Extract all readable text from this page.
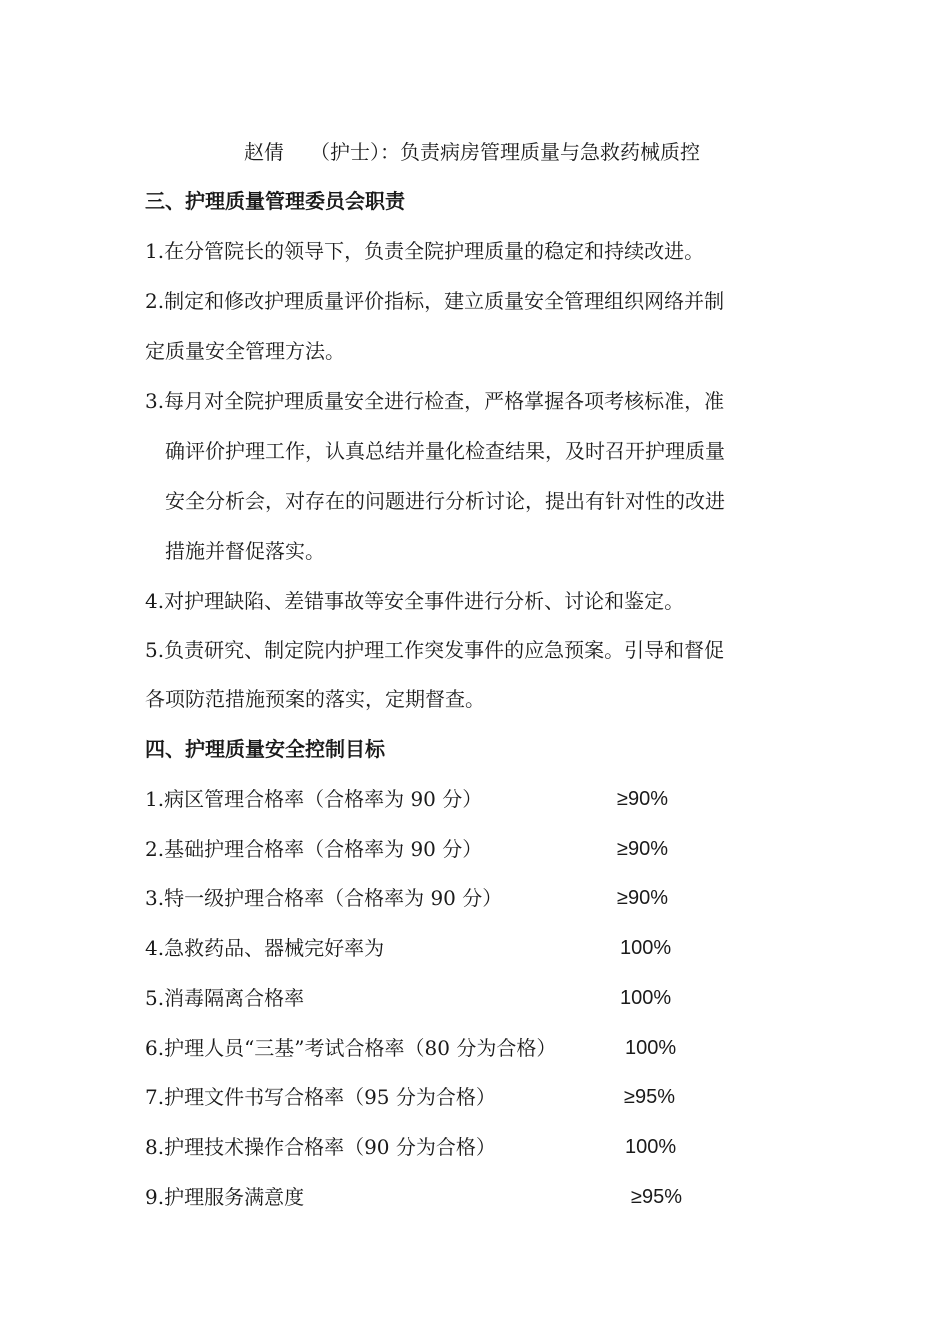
赵倩 （护士）：负责病房管理质量与急救药械质控
三、护理质量管理委员会职责
1.在分管院长的领导下，负责全院护理质量的稳定和持续改进。
2.制定和修改护理质量评价指标，建立质量安全管理组织网络并制
定质量安全管理方法。
3.每月对全院护理质量安全进行检查，严格掌握各项考核标准，准
确评价护理工作，认真总结并量化检查结果，及时召开护理质量
安全分析会，对存在的问题进行分析讨论，提出有针对性的改进
措施并督促落实。
4.对护理缺陷、差错事故等安全事件进行分析、讨论和鉴定。
5.负责研究、制定院内护理工作突发事件的应急预案。引导和督促
各项防范措施预案的落实，定期督查。
四、护理质量安全控制目标
1.病区管理合格率（合格率为 90 分）	≥90%
2.基础护理合格率（合格率为 90 分）	≥90%
3.特一级护理合格率（合格率为 90 分）	≥90%
4.急救药品、器械完好率为	100%
5.消毒隔离合格率	100%
6.护理人员“三基”考试合格率（80 分为合格）	100%
7.护理文件书写合格率（95 分为合格）	≥95%
8.护理技术操作合格率（90 分为合格）	100%
9.护理服务满意度	≥95%
